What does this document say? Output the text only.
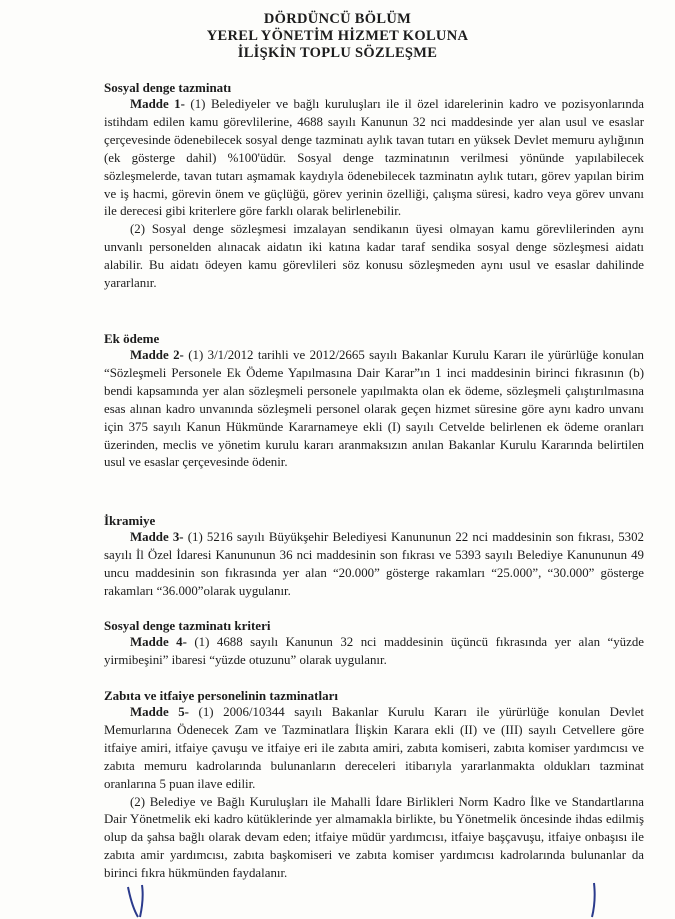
DÖRDÜNCÜ BÖLÜM
YEREL YÖNETİM HİZMET KOLUNA
İLİŞKİN TOPLU SÖZLEŞME
Sosyal denge tazminatı

Madde 1- (1) Belediyeler ve bağlı kuruluşları ile il özel idarelerinin kadro ve pozisyonlarında istihdam edilen kamu görevlilerine, 4688 sayılı Kanunun 32 nci maddesinde yer alan usul ve esaslar çerçevesinde ödenebilecek sosyal denge tazminatı aylık tavan tutarı en yüksek Devlet memuru aylığının (ek gösterge dahil) %100'üdür. Sosyal denge tazminatının verilmesi yönünde yapılabilecek sözleşmelerde, tavan tutarı aşmamak kaydıyla ödenebilecek tazminatın aylık tutarı, görev yapılan birim ve iş hacmi, görevin önem ve güçlüğü, görev yerinin özelliği, çalışma süresi, kadro veya görev unvanı ile derecesi gibi kriterlere göre farklı olarak belirlenebilir.

(2) Sosyal denge sözleşmesi imzalayan sendikanın üyesi olmayan kamu görevlilerinden aynı unvanlı personelden alınacak aidatın iki katına kadar taraf sendika sosyal denge sözleşmesi aidatı alabilir. Bu aidatı ödeyen kamu görevlileri söz konusu sözleşmeden aynı usul ve esaslar dahilinde yararlanır.

Ek ödeme

Madde 2- (1) 3/1/2012 tarihli ve 2012/2665 sayılı Bakanlar Kurulu Kararı ile yürürlüğe konulan “Sözleşmeli Personele Ek Ödeme Yapılmasına Dair Karar”ın 1 inci maddesinin birinci fıkrasının (b) bendi kapsamında yer alan sözleşmeli personele yapılmakta olan ek ödeme, sözleşmeli çalıştırılmasına esas alınan kadro unvanında sözleşmeli personel olarak geçen hizmet süresine göre aynı kadro unvanı için 375 sayılı Kanun Hükmünde Kararnameye ekli (I) sayılı Cetvelde belirlenen ek ödeme oranları üzerinden, meclis ve yönetim kurulu kararı aranmaksızın anılan Bakanlar Kurulu Kararında belirtilen usul ve esaslar çerçevesinde ödenir.

İkramiye

Madde 3- (1) 5216 sayılı Büyükşehir Belediyesi Kanununun 22 nci maddesinin son fıkrası, 5302 sayılı İl Özel İdaresi Kanununun 36 nci maddesinin son fıkrası ve 5393 sayılı Belediye Kanununun 49 uncu maddesinin son fıkrasında yer alan “20.000” gösterge rakamları “25.000”, “30.000” gösterge rakamları “36.000”olarak uygulanır.

Sosyal denge tazminatı kriteri

Madde 4- (1) 4688 sayılı Kanunun 32 nci maddesinin üçüncü fıkrasında yer alan “yüzde yirmibeşini” ibaresi “yüzde otuzunu” olarak uygulanır.

Zabıta ve itfaiye personelinin tazminatları

Madde 5- (1) 2006/10344 sayılı Bakanlar Kurulu Kararı ile yürürlüğe konulan Devlet Memurlarına Ödenecek Zam ve Tazminatlara İlişkin Karara ekli (II) ve (III) sayılı Cetvellere göre itfaiye amiri, itfaiye çavuşu ve itfaiye eri ile zabıta amiri, zabıta komiseri, zabıta komiser yardımcısı ve zabıta memuru kadrolarında bulunanların dereceleri itibarıyla yararlanmakta oldukları tazminat oranlarına 5 puan ilave edilir.

(2) Belediye ve Bağlı Kuruluşları ile Mahalli İdare Birlikleri Norm Kadro İlke ve Standartlarına Dair Yönetmelik eki kadro kütüklerinde yer almamakla birlikte, bu Yönetmelik öncesinde ihdas edilmiş olup da şahsa bağlı olarak devam eden; itfaiye müdür yardımcısı, itfaiye başçavuşu, itfaiye onbaşısı ile zabıta amir yardımcısı, zabıta başkomiseri ve zabıta komiser yardımcısı kadrolarında bulunanlar da birinci fıkra hükmünden faydalanır.
